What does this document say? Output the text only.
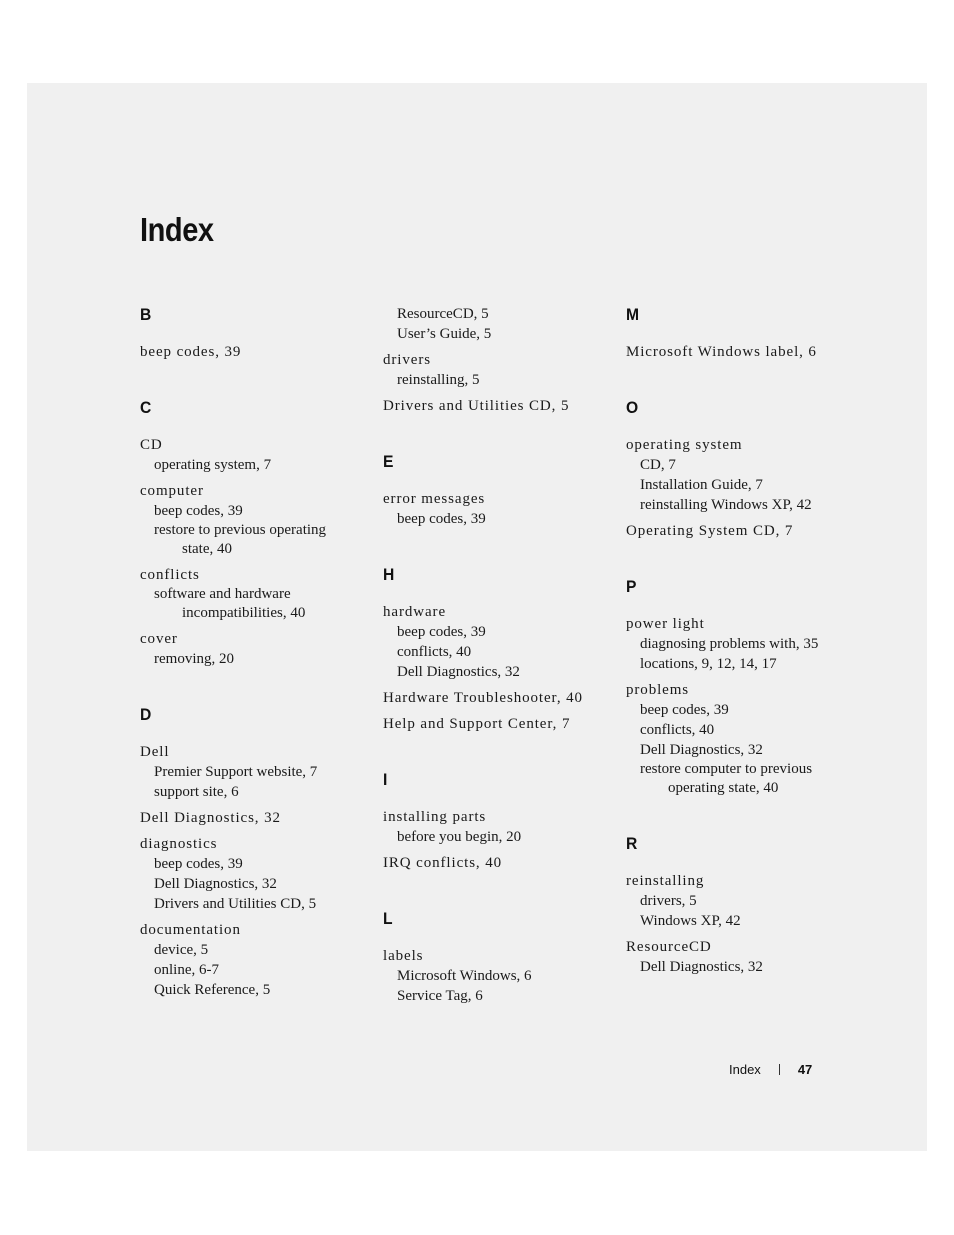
Index
B
beep codes, 39
C
CD
operating system, 7
computer
beep codes, 39
restore to previous operating
state, 40
conflicts
software and hardware
incompatibilities, 40
cover
removing, 20
D
Dell
Premier Support website, 7
support site, 6
Dell Diagnostics, 32
diagnostics
beep codes, 39
Dell Diagnostics, 32
Drivers and Utilities CD, 5
documentation
device, 5
online, 6-7
Quick Reference, 5
ResourceCD, 5
User’s Guide, 5
drivers
reinstalling, 5
Drivers and Utilities CD, 5
E
error messages
beep codes, 39
H
hardware
beep codes, 39
conflicts, 40
Dell Diagnostics, 32
Hardware Troubleshooter, 40
Help and Support Center, 7
I
installing parts
before you begin, 20
IRQ conflicts, 40
L
labels
Microsoft Windows, 6
Service Tag, 6
M
Microsoft Windows label, 6
O
operating system
CD, 7
Installation Guide, 7
reinstalling Windows XP, 42
Operating System CD, 7
P
power light
diagnosing problems with, 35
locations, 9, 12, 14, 17
problems
beep codes, 39
conflicts, 40
Dell Diagnostics, 32
restore computer to previous
operating state, 40
R
reinstalling
drivers, 5
Windows XP, 42
ResourceCD
Dell Diagnostics, 32
Index	47
